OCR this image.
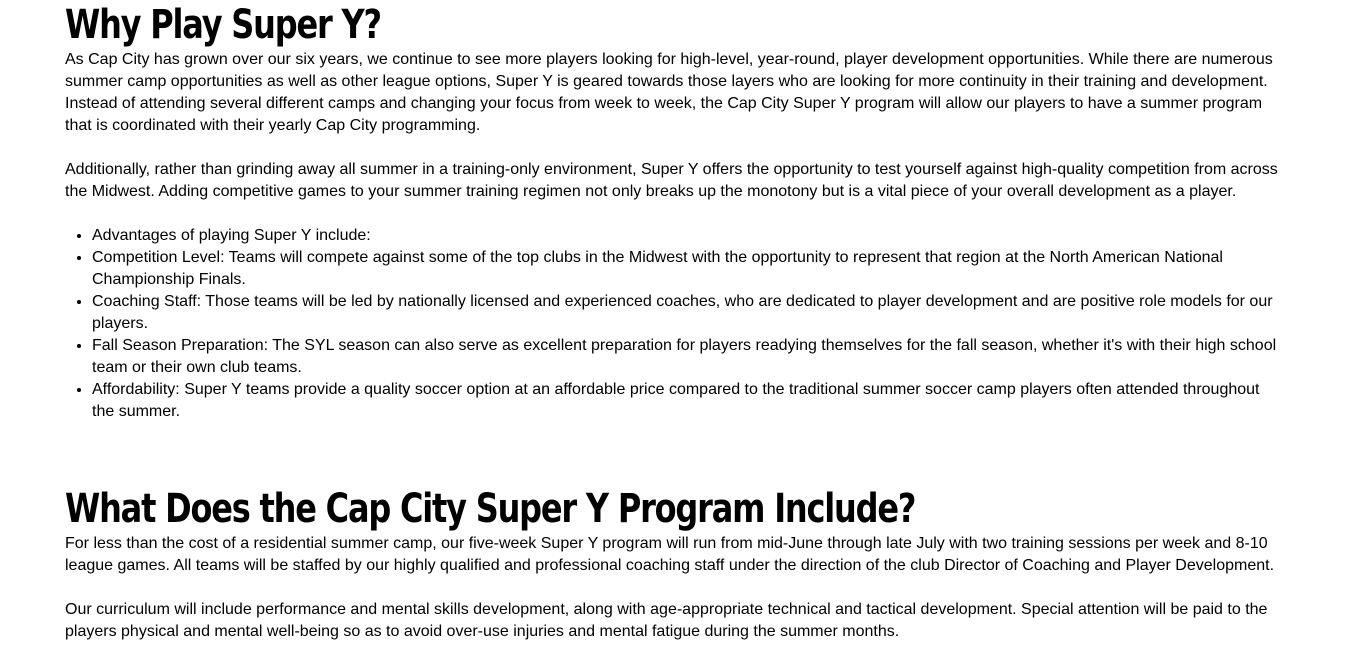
Why Play Super Y?

As Cap City has grown over our six years, we continue to see more players looking for high-level, year-round, player development opportunities. While there are numerous summer camp opportunities as well as other league options, Super Y is geared towards those layers who are looking for more continuity in their training and development. Instead of attending several different camps and changing your focus from week to week, the Cap City Super Y program will allow our players to have a summer program that is coordinated with their yearly Cap City programming.

Additionally, rather than grinding away all summer in a training-only environment, Super Y offers the opportunity to test yourself against high-quality competition from across the Midwest. Adding competitive games to your summer training regimen not only breaks up the monotony but is a vital piece of your overall development as a player.

• Advantages of playing Super Y include:
• Competition Level: Teams will compete against some of the top clubs in the Midwest with the opportunity to represent that region at the North American National Championship Finals.
• Coaching Staff: Those teams will be led by nationally licensed and experienced coaches, who are dedicated to player development and are positive role models for our players.
• Fall Season Preparation: The SYL season can also serve as excellent preparation for players readying themselves for the fall season, whether it's with their high school team or their own club teams.
• Affordability: Super Y teams provide a quality soccer option at an affordable price compared to the traditional summer soccer camp players often attended throughout the summer.
What Does the Cap City Super Y Program Include?

For less than the cost of a residential summer camp, our five-week Super Y program will run from mid-June through late July with two training sessions per week and 8-10 league games. All teams will be staffed by our highly qualified and professional coaching staff under the direction of the club Director of Coaching and Player Development.

Our curriculum will include performance and mental skills development, along with age-appropriate technical and tactical development. Special attention will be paid to the players physical and mental well-being so as to avoid over-use injuries and mental fatigue during the summer months.
